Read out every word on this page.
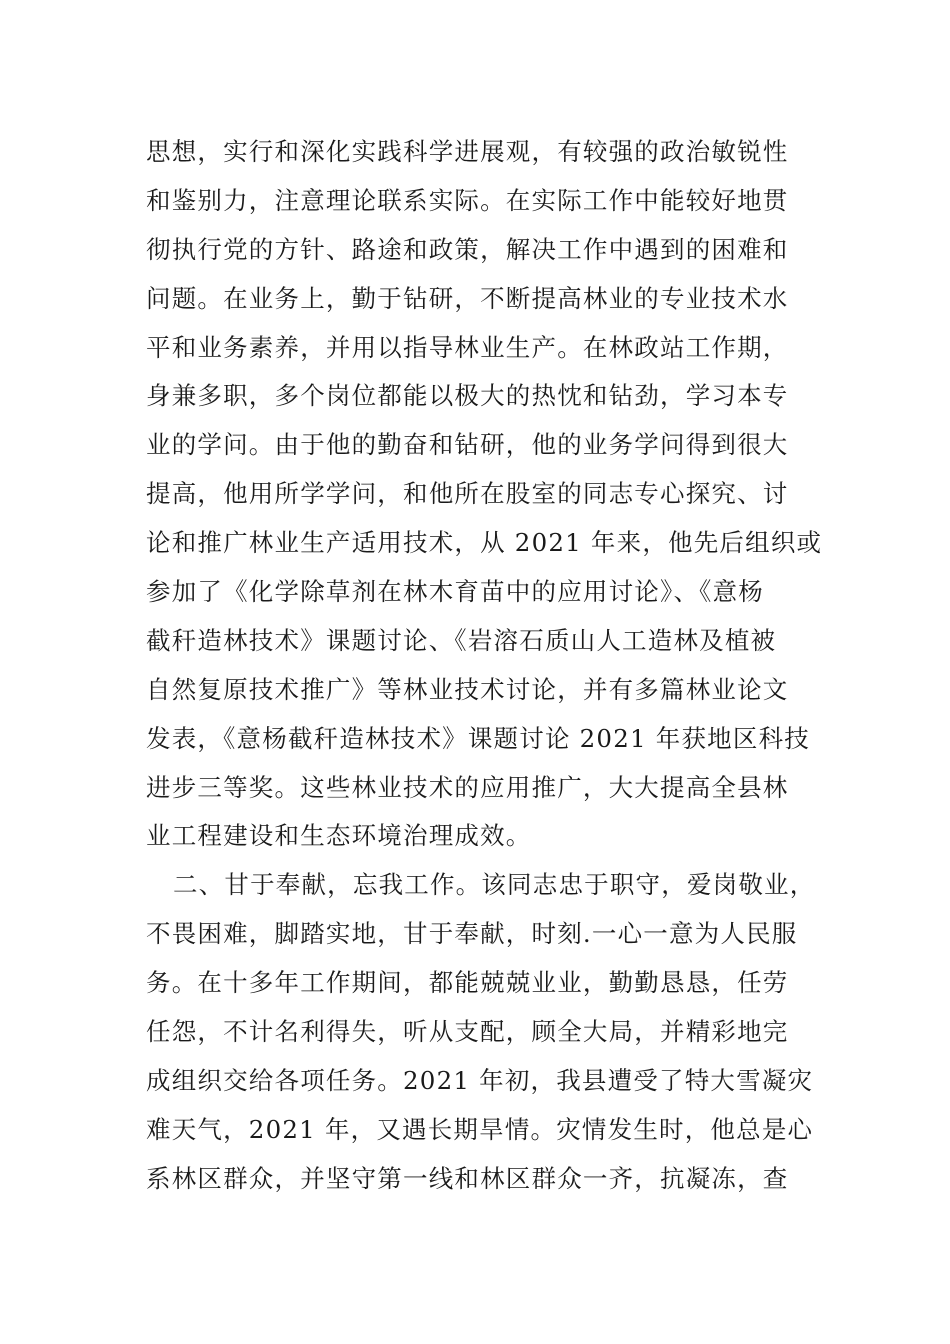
思想，实行和深化实践科学进展观，有较强的政治敏锐性
和鉴别力，注意理论联系实际。在实际工作中能较好地贯
彻执行党的方针、路途和政策，解决工作中遇到的困难和
问题。在业务上，勤于钻研，不断提高林业的专业技术水
平和业务素养，并用以指导林业生产。在林政站工作期，
身兼多职，多个岗位都能以极大的热忱和钻劲，学习本专
业的学问。由于他的勤奋和钻研，他的业务学问得到很大
提高，他用所学学问，和他所在股室的同志专心探究、讨
论和推广林业生产适用技术，从 2021 年来，他先后组织或
参加了《化学除草剂在林木育苗中的应用讨论》、《意杨
截秆造林技术》课题讨论、《岩溶石质山人工造林及植被
自然复原技术推广》等林业技术讨论，并有多篇林业论文
发表，《意杨截秆造林技术》课题讨论 2021 年获地区科技
进步三等奖。这些林业技术的应用推广，大大提高全县林
业工程建设和生态环境治理成效。
二、甘于奉献，忘我工作。该同志忠于职守，爱岗敬业，
不畏困难，脚踏实地，甘于奉献，时刻.一心一意为人民服
务。在十多年工作期间，都能兢兢业业，勤勤恳恳，任劳
任怨，不计名利得失，听从支配，顾全大局，并精彩地完
成组织交给各项任务。2021 年初，我县遭受了特大雪凝灾
难天气，2021 年，又遇长期旱情。灾情发生时，他总是心
系林区群众，并坚守第一线和林区群众一齐，抗凝冻，查
